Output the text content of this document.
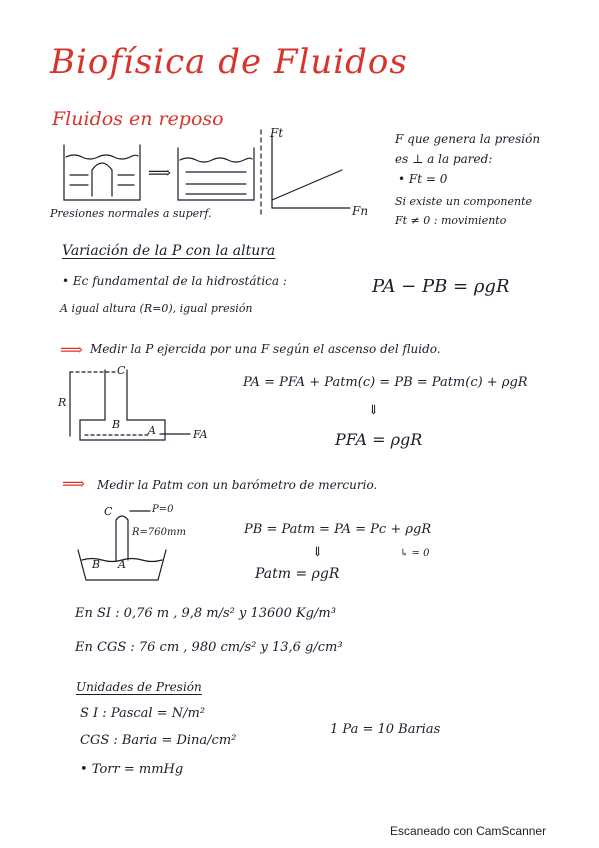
Biofísica de Fluidos
Fluidos en reposo
⟹
Ft
Fn
Presiones normales a superf.
F que genera la presión
es ⊥ a la pared:
• Ft = 0
Si existe un componente
Ft ≠ 0 : movimiento
Variación de la P con la altura
• Ec fundamental de la hidrostática :	PA − PB = ρgR
A igual altura (R=0), igual presión
⟹ Medir la P ejercida por una F según el ascenso del fluido.
C
R
B	A	FA
PA = PFA + Patm(c) = PB = Patm(c) + ρgR
⇓
PFA = ρgR
⟹ Medir la Patm con un barómetro de mercurio.
C	P=0
R=760mm
B A
PB = Patm = PA = Pc + ρgR
↳ = 0
⇓
Patm = ρgR
En SI : 0,76 m , 9,8 m/s² y 13600 Kg/m³
En CGS : 76 cm , 980 cm/s² y 13,6 g/cm³
Unidades de Presión
S I : Pascal = N/m²
CGS : Baria = Dina/cm²
1 Pa = 10 Barias
• Torr = mmHg
Escaneado con CamScanner
